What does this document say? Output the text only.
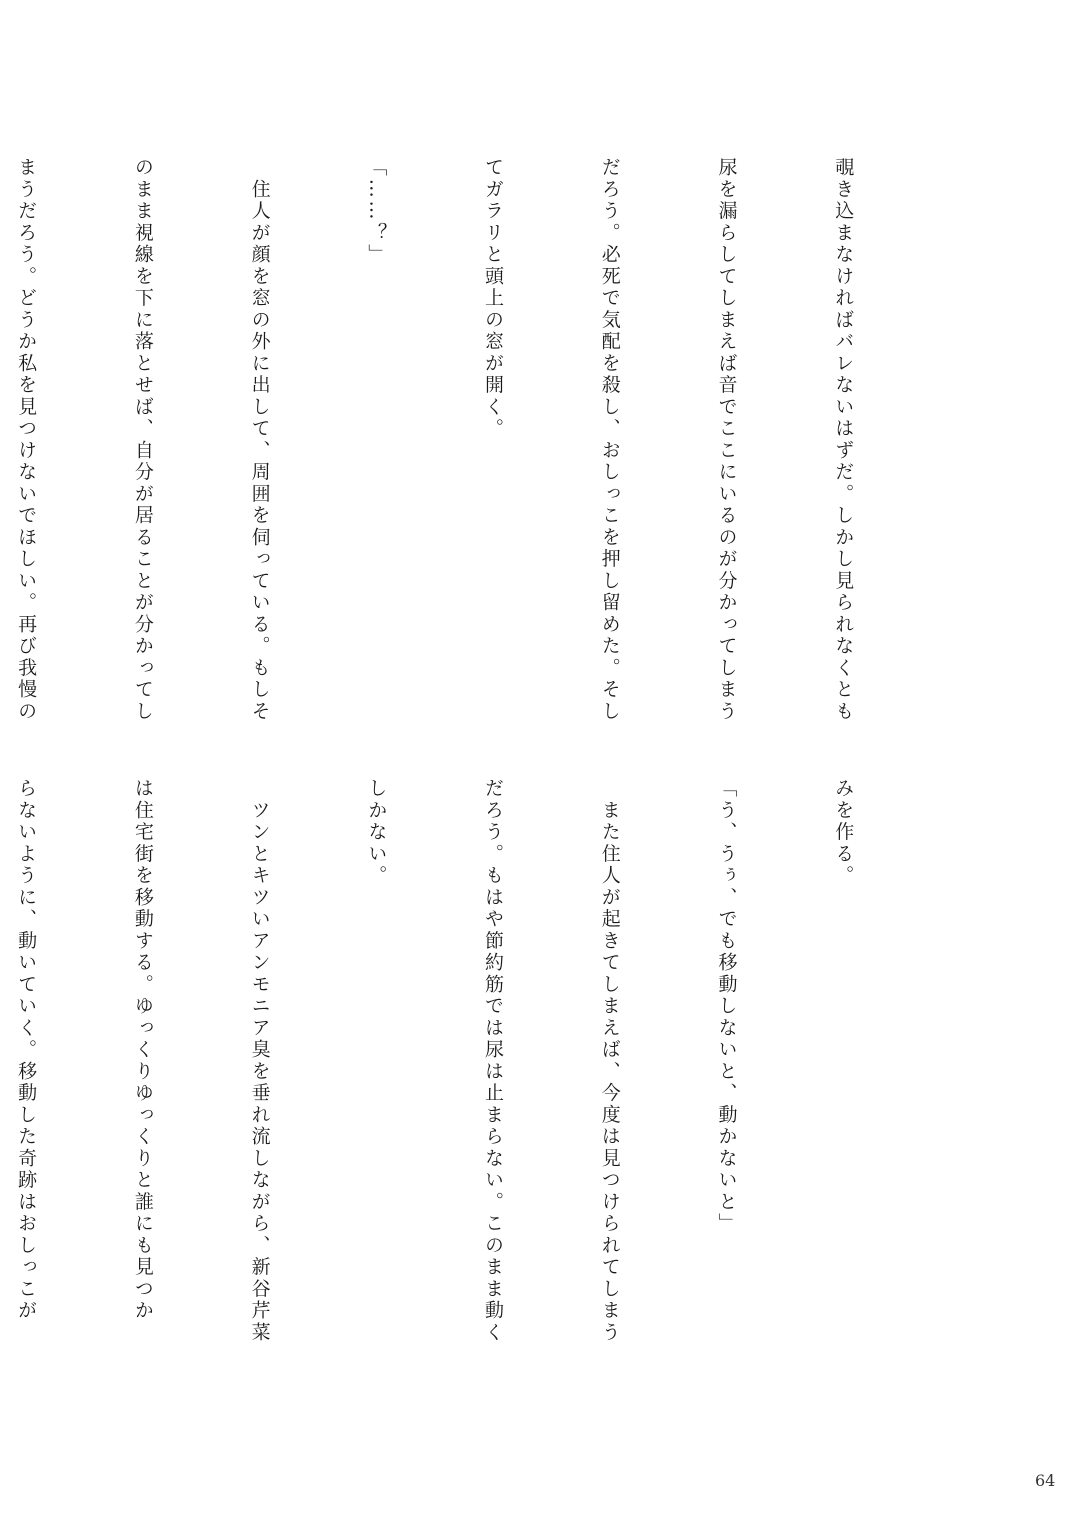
覗き込まなければバレないはずだ。しかし見られなくとも

尿を漏らしてしまえば音でここにいるのが分かってしまう

だろう。必死で気配を殺し、おしっこを押し留めた。そし

てガラリと頭上の窓が開く。

「……？」

　住人が顔を窓の外に出して、周囲を伺っている。もしそ

のまま視線を下に落とせば、自分が居ることが分かってし

まうだろう。どうか私を見つけないでほしい。再び我慢の

みを作る。

「う、うぅ、でも移動しないと、動かないと」

　また住人が起きてしまえば、今度は見つけられてしまう

だろう。もはや節約筋では尿は止まらない。このまま動く

しかない。

　ツンとキツいアンモニア臭を垂れ流しながら、新谷芹菜

は住宅街を移動する。ゆっくりゆっくりと誰にも見つか

らないように、動いていく。移動した奇跡はおしっこが

64
